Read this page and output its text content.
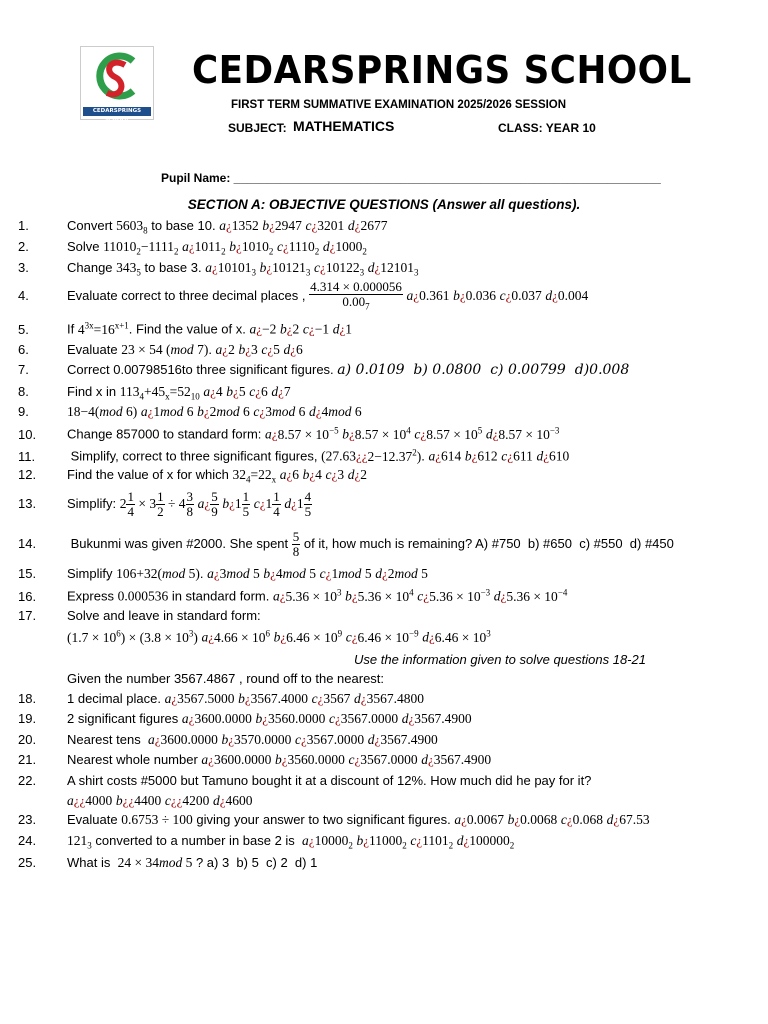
CEDARSPRINGS SCHOOL
CEDARSPRINGS SCHOOL
FIRST TERM SUMMATIVE EXAMINATION 2025/2026 SESSION
SUBJECT: MATHEMATICS	CLASS: YEAR 10
Pupil Name: ________________________________________________________________
SECTION A: OBJECTIVE QUESTIONS (Answer all questions).
1.	Convert $5603_8$ to base 10. a¿1352 b¿2947 c¿3201 d¿2677
2.	Solve $11010_2-1111_2$ $a¿1011_2$ $b¿1010_2$ $c¿1110_2$ $d¿1000_2$
3.	Change $343_5$ to base 3. $a¿10101_3$ $b¿10121_3$ $c¿10122_3$ $d¿12101_3$
4.	Evaluate correct to three decimal places , $\frac{4.314 \times 0.000056}{0.00_7}$ a¿0.361 b¿0.036 c¿0.037 d¿0.004
5.	If $4^{3x}=16^{x+1}$. Find the value of x. a¿−2 b¿2 c¿−1 d¿1
6.	Evaluate 23 × 54 (mod 7). a¿2 b¿3 c¿5 d¿6
7.	Correct 0.00798516to three significant figures. a) 0.0109  b) 0.0800  c) 0.00799  d)0.008
8.	Find x in $113_4+45_x=52_{10}$ a¿4 b¿5 c¿6 d¿7
9.	18−4(mod 6) a¿1mod 6 b¿2mod 6 c¿3mod 6 d¿4mod 6
10. Change 857000 to standard form: a¿8.57 × $10^{-5}$ b¿8.57 × $10^4$ c¿8.57 × $10^5$ d¿8.57 × $10^{-3}$
11. Simplify, correct to three significant figures, $(27.63¿¿2-12.37^2)$. a¿614 b¿612 c¿611 d¿610
12. Find the value of x for which $32_4=22_x$ a¿6 b¿4 c¿3 d¿2
13. Simplify: $2 \frac{1}{4} \times 3 \frac{1}{2} \div 4 \frac{3}{8}$ a¿ $\frac{5}{9}$ b¿1 $\frac{1}{5}$ c¿1 $\frac{1}{4}$ d¿1 $\frac{4}{5}$
14. Bukunmi was given #2000. She spent $\frac{5}{8}$ of it, how much is remaining? A) #750  b) #650  c) #550  d) #450
15. Simplify 106+32(mod 5). a¿3mod 5 b¿4mod 5 c¿1mod 5 d¿2mod 5
16. Express 0.000536 in standard form. a¿5.36 × $10^3$ b¿5.36 × $10^4$ c¿5.36 × $10^{-3}$ d¿5.36 × $10^{-4}$
17. Solve and leave in standard form:
$(1.7 \times 10^6) \times (3.8 \times 10^3)$ a¿4.66 × $10^6$ b¿6.46 × $10^9$ c¿6.46 × $10^{-9}$ d¿6.46 × $10^3$
Use the information given to solve questions 18-21
Given the number 3567.4867 , round off to the nearest:
18. 1 decimal place. a¿3567.5000 b¿3567.4000 c¿3567 d¿3567.4800
19. 2 significant figures a¿3600.0000 b¿3560.0000 c¿3567.0000 d¿3567.4900
20. Nearest tens  a¿3600.0000 b¿3570.0000 c¿3567.0000 d¿3567.4900
21. Nearest whole number a¿3600.0000 b¿3560.0000 c¿3567.0000 d¿3567.4900
22. A shirt costs #5000 but Tamuno bought it at a discount of 12%. How much did he pay for it?
a¿¿4000 b¿¿4400 c¿¿4200 d¿4600
23. Evaluate 0.6753 ÷ 100 giving your answer to two significant figures. a¿0.0067 b¿0.0068 c¿0.068 d¿67.53
24. $121_3$ converted to a number in base 2 is  $a¿10000_2$ $b¿11000_2$ $c¿1101_2$ $d¿100000_2$
25. What is  24 × 34mod 5 ? a) 3  b) 5  c) 2  d) 1
